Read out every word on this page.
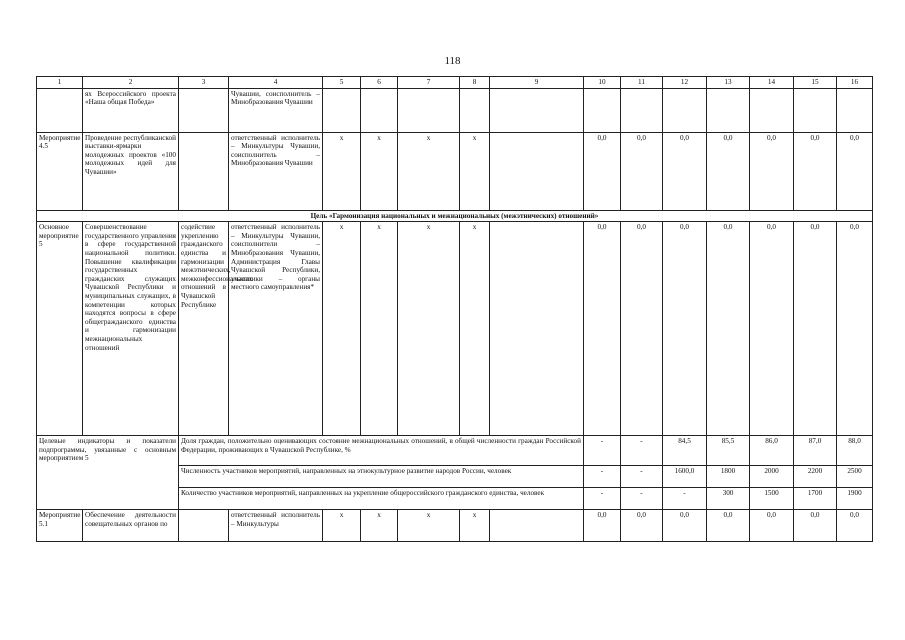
118
1	2	3	4	5	6	7	8	9	10	11	12	13	14	15	16
	ях Всероссийского проекта «Наша общая Победа»		Чувашии, соисполнитель – Минобразования Чувашии												
Мероприятие 4.5	Проведение республиканской выставки-ярмарки молодежных проектов «100 молодежных идей для Чувашии»		ответственный исполнитель – Минкультуры Чувашии, соисполнитель – Минобразования Чувашии	x	x	x	x		0,0	0,0	0,0	0,0	0,0	0,0	0,0
Цель «Гармонизация национальных и межнациональных (межэтнических) отношений»															
Основное мероприятие 5	Совершенствование государственного управления в сфере государственной национальной политики. Повышение квалификации государственных гражданских служащих Чувашской Республики и муниципальных служащих, в компетенции которых находятся вопросы в сфере общегражданского единства и гармонизации межнациональных отношений	содействие укреплению гражданского единства и гармонизации межэтнических, межконфессиональных отношений в Чувашской Республике	ответственный исполнитель – Минкультуры Чувашии, соисполнители – Минобразования Чувашии, Администрация Главы Чувашской Республики, участники – органы местного самоуправления*	x	x	x	x		0,0	0,0	0,0	0,0	0,0	0,0	0,0
Целевые индикаторы и показатели подпрограммы, увязанные с основным мероприятием 5		Доля граждан, положительно оценивающих состояние межнациональных отношений, в общей численности граждан Российской Федерации, проживающих в Чувашской Республике, %							-	-	84,5	85,5	86,0	87,0	88,0
		Численность участников мероприятий, направленных на этнокультурное развитие народов России, человек							-	-	1600,0	1800	2000	2200	2500
		Количество участников мероприятий, направленных на укрепление общероссийского гражданского единства, человек							-	-	-	300	1500	1700	1900
Мероприятие 5.1	Обеспечение деятельности совещательных органов по		ответственный исполнитель – Минкультуры	x	x	x	x		0,0	0,0	0,0	0,0	0,0	0,0	0,0
